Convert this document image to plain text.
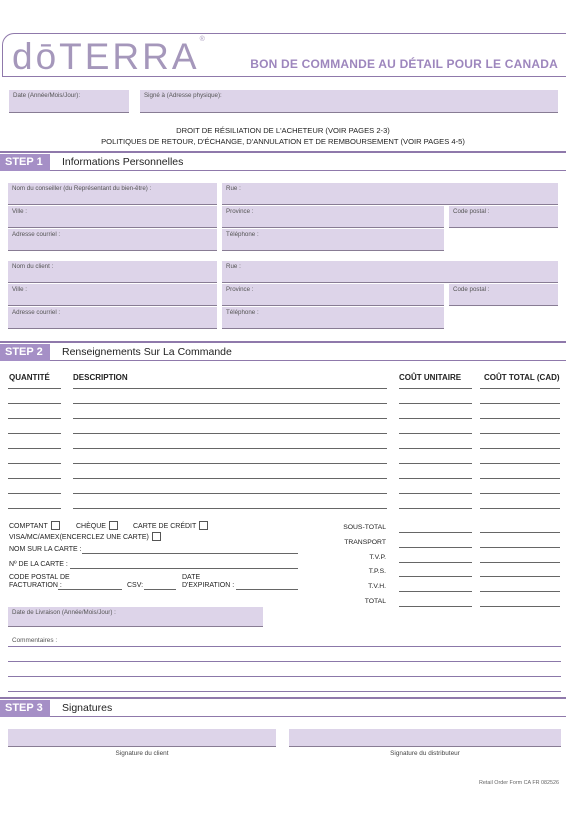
dōTERRA®
BON DE COMMANDE AU DÉTAIL POUR LE CANADA
Date (Année/Mois/Jour):	Signé à (Adresse physique):
DROIT DE RÉSILIATION DE L'ACHETEUR (VOIR PAGES 2-3)
POLITIQUES DE RETOUR, D'ÉCHANGE, D'ANNULATION ET DE REMBOURSEMENT (VOIR PAGES 4-5)
STEP 1	Informations Personnelles
Nom du conseiller (du Représentant du bien-être) :	Rue :
Ville :	Province :	Code postal :
Adresse courriel :	Téléphone :
Nom du client :	Rue :
Ville :	Province :	Code postal :
Adresse courriel :	Téléphone :
STEP 2	Renseignements Sur La Commande
QUANTITÉ	DESCRIPTION	COÛT UNITAIRE	COÛT TOTAL (CAD)
COMPTANT	CHÈQUE	CARTE DE CRÉDIT
VISA/MC/AMEX(ENCERCLEZ UNE CARTE)
NOM SUR LA CARTE :
Nº DE LA CARTE :
CODE POSTAL DE
FACTURATION :	CSV:
DATE
D'EXPIRATION :
SOUS-TOTAL
TRANSPORT
T.V.P.
T.P.S.
T.V.H.
TOTAL
Date de Livraison (Année/Mois/Jour) :
Commentaires :
STEP 3	Signatures
Signature du client	Signature du distributeur
Retail Order Form CA FR 082526
